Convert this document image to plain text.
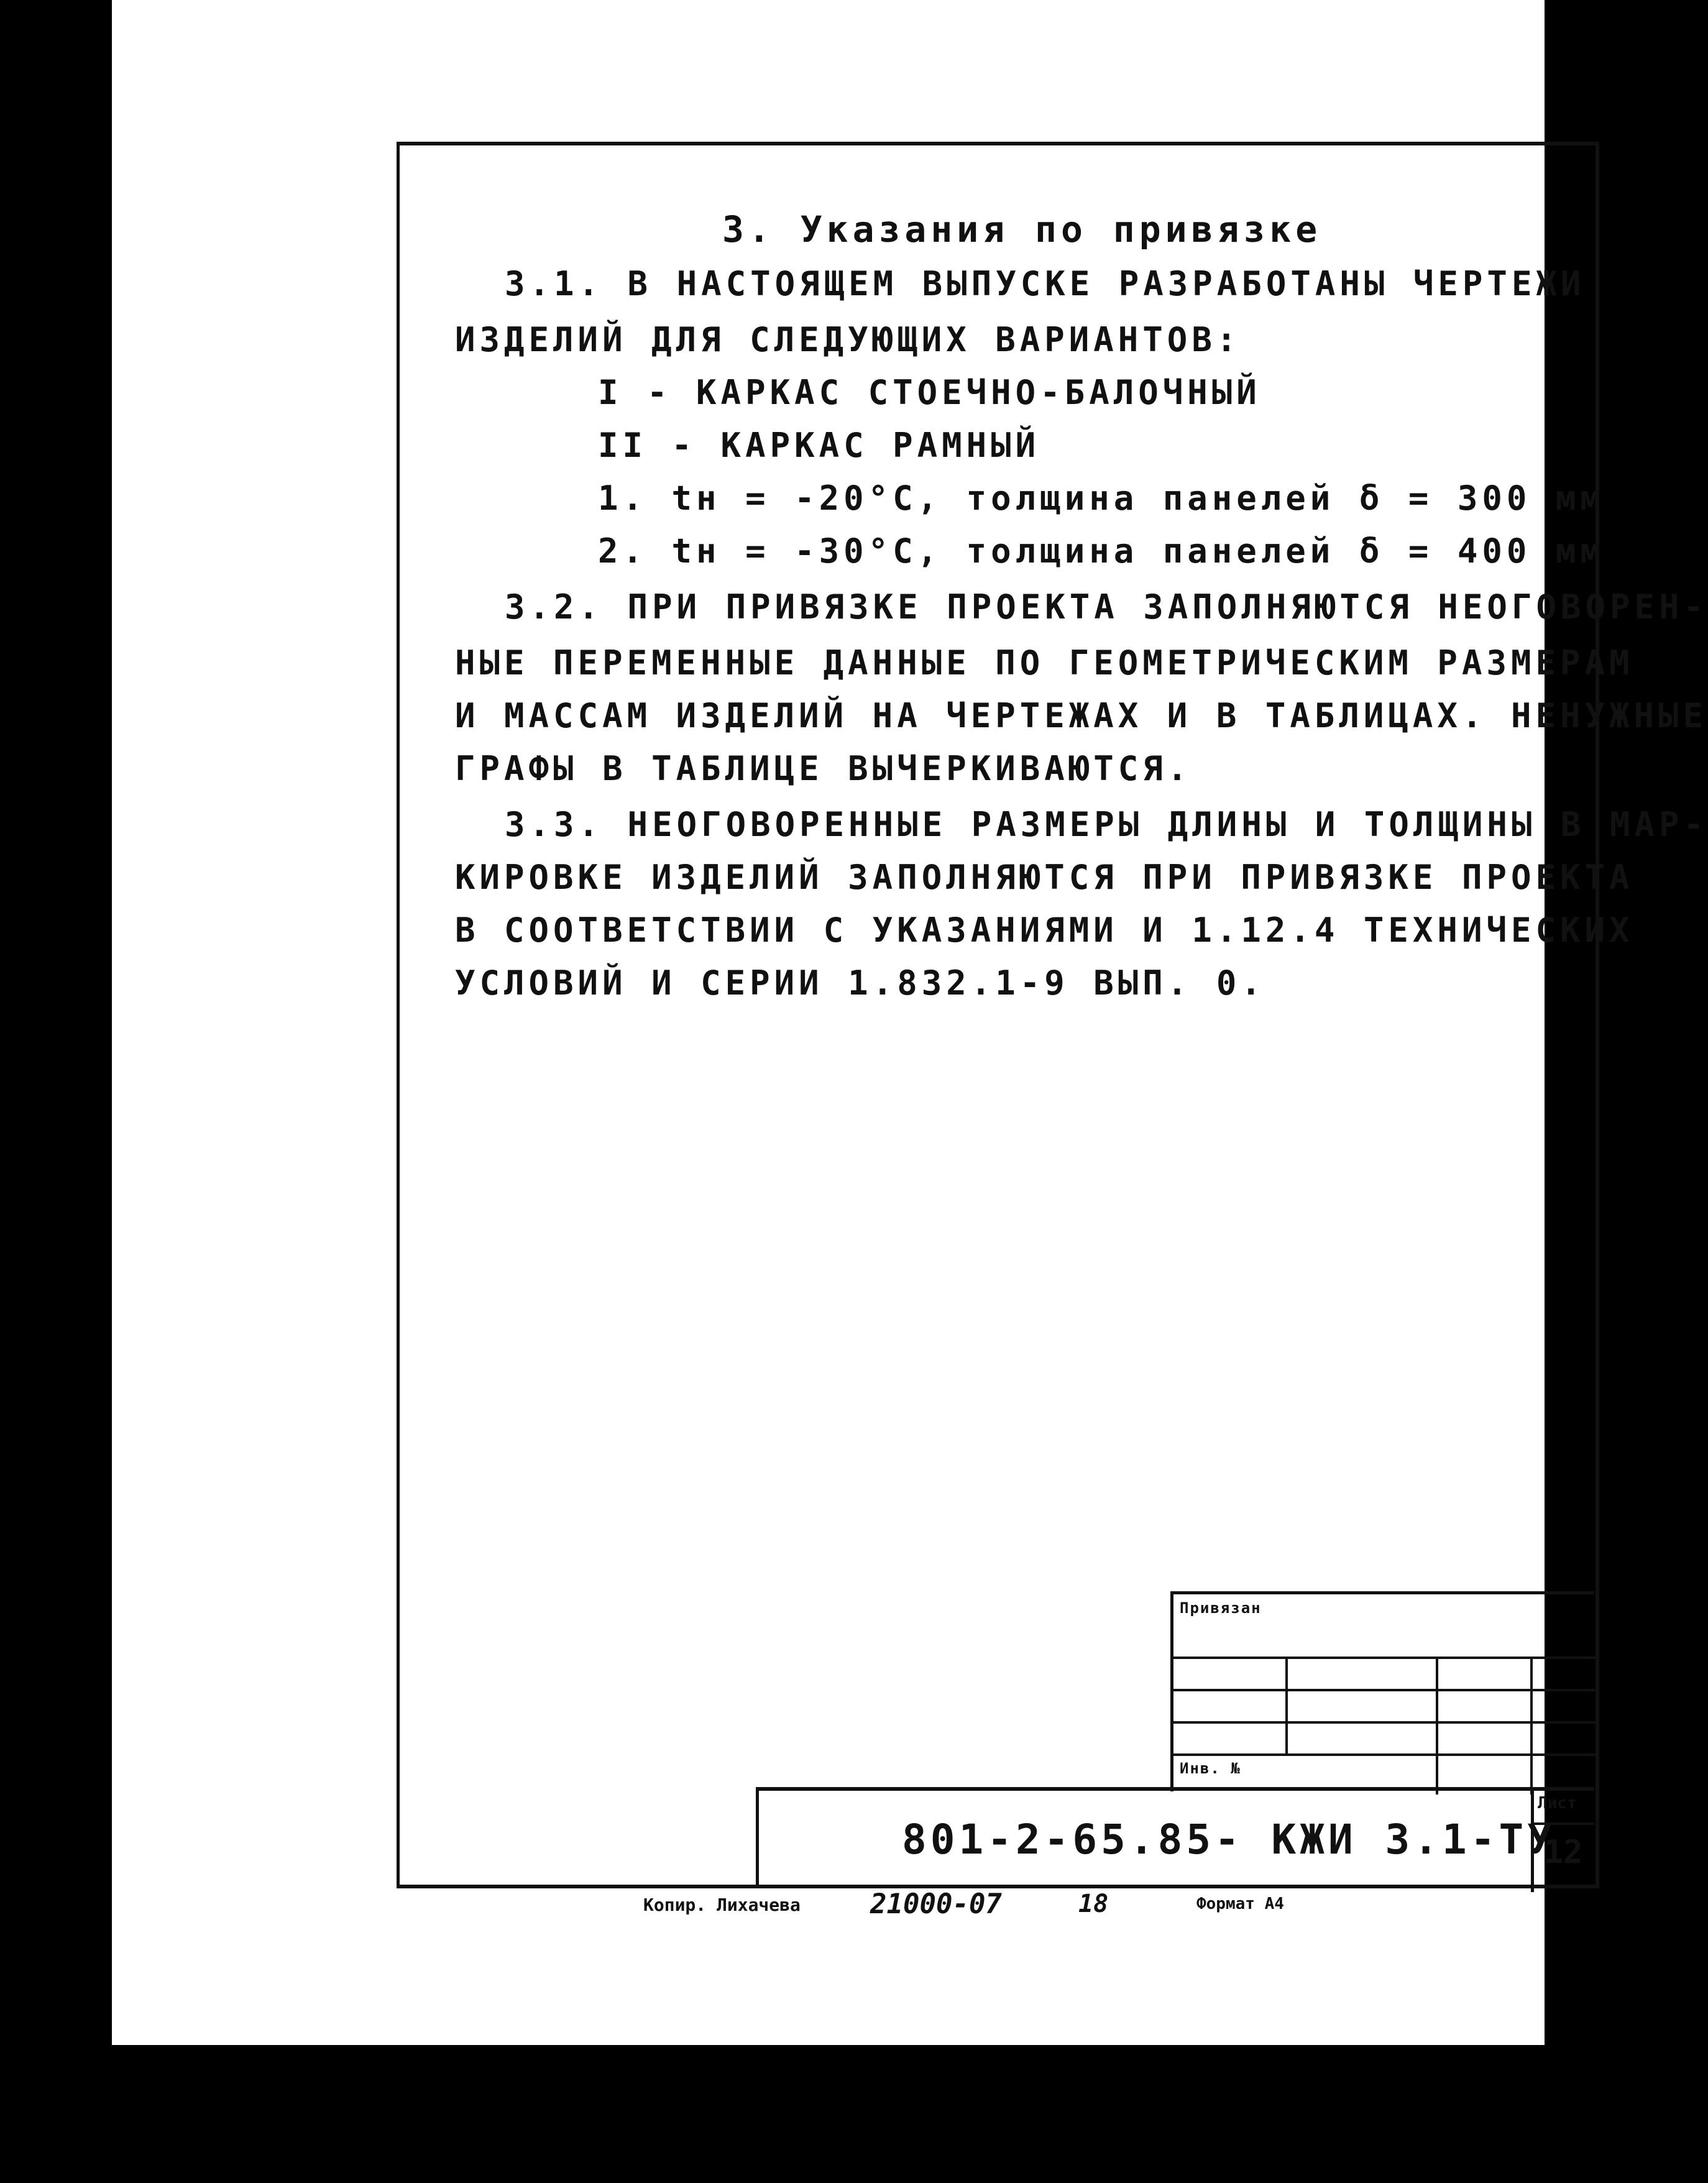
3. Указания по привязке
3.1. В НАСТОЯЩЕМ ВЫПУСКЕ РАЗРАБОТАНЫ ЧЕРТЕЖИ
ИЗДЕЛИЙ ДЛЯ СЛЕДУЮЩИХ ВАРИАНТОВ:
I - КАРКАС СТОЕЧНО-БАЛОЧНЫЙ
II - КАРКАС РАМНЫЙ
1. tн = -20°C, толщина панелей δ = 300 мм
2. tн = -30°C, толщина панелей δ = 400 мм
3.2. ПРИ ПРИВЯЗКЕ ПРОЕКТА ЗАПОЛНЯЮТСЯ НЕОГОВОРЕН-
НЫЕ ПЕРЕМЕННЫЕ ДАННЫЕ ПО ГЕОМЕТРИЧЕСКИМ РАЗМЕРАМ
И МАССАМ ИЗДЕЛИЙ НА ЧЕРТЕЖАХ И В ТАБЛИЦАХ. НЕНУЖНЫЕ
ГРАФЫ В ТАБЛИЦЕ ВЫЧЕРКИВАЮТСЯ.
3.3. НЕОГОВОРЕННЫЕ РАЗМЕРЫ ДЛИНЫ И ТОЛЩИНЫ В МАР-
КИРОВКЕ ИЗДЕЛИЙ ЗАПОЛНЯЮТСЯ ПРИ ПРИВЯЗКЕ ПРОЕКТА
В СООТВЕТСТВИИ С УКАЗАНИЯМИ И 1.12.4 ТЕХНИЧЕСКИХ
УСЛОВИЙ И СЕРИИ 1.832.1-9 ВЫП. 0.
Привязан
Инв. №
801-2-65.85- КЖИ 3.1-ТУ
Лист
12
Копир. Лихачева	21000-07	18	Формат А4
